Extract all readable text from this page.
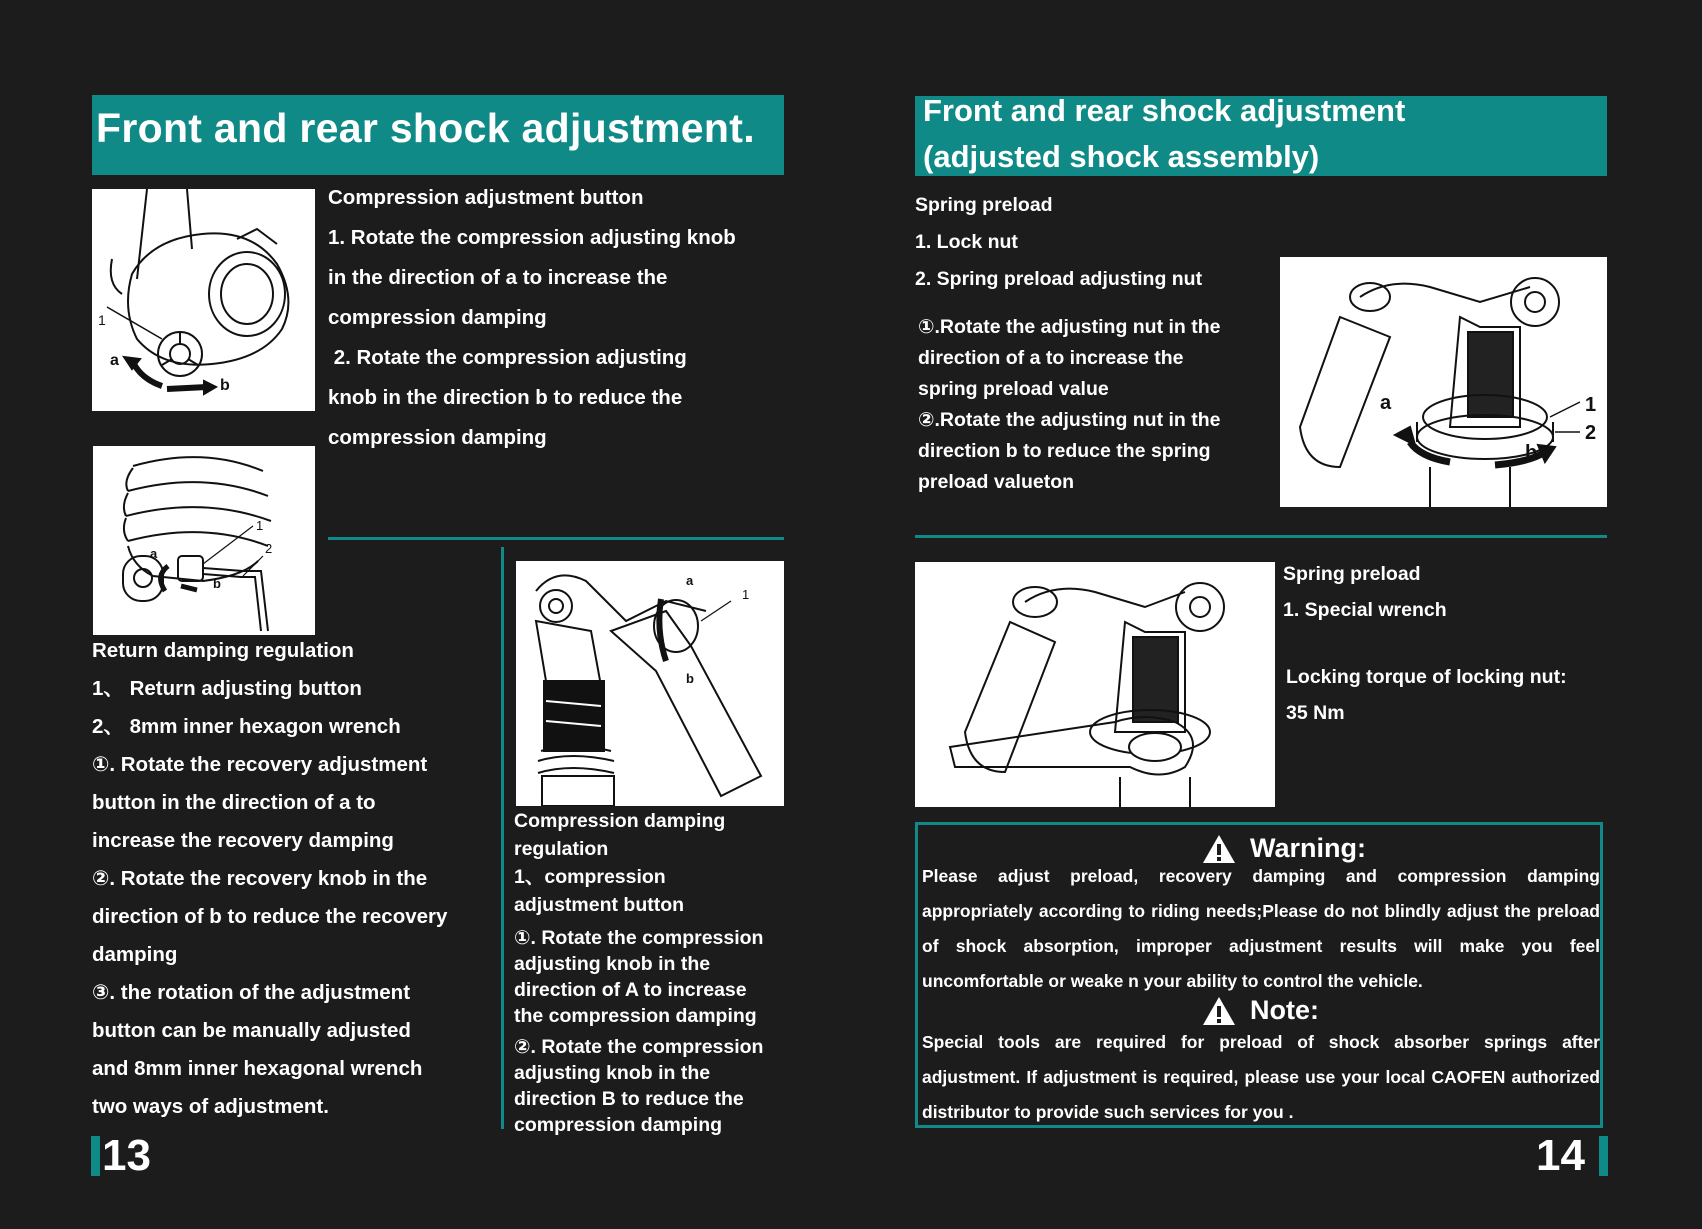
Front and rear shock adjustment.
1
a
b
Compression adjustment button
1. Rotate the compression adjusting knob
in the direction of a to increase the
compression damping
2. Rotate the compression adjusting
knob in the direction b to reduce the
compression damping
1
2
a
b
Return damping regulation
1、 Return adjusting button
2、 8mm inner hexagon wrench
①. Rotate the recovery adjustment
button in the direction of a to
increase the recovery damping
②. Rotate the recovery knob in the
direction of b to reduce the recovery
damping
③. the rotation of the adjustment
button can be manually adjusted
and 8mm inner hexagonal wrench
two ways of adjustment.
a
1
b
Compression damping
regulation
1、compression
adjustment button
①. Rotate the compression
adjusting knob in the
direction of A to increase
the compression damping
②. Rotate the compression
adjusting knob in the
direction B to reduce the
compression damping
13
Front and rear shock adjustment
(adjusted shock assembly)
Spring preload
1. Lock nut
2. Spring preload adjusting nut
①.Rotate the adjusting nut in the
direction of a to increase the
spring preload value
②.Rotate the adjusting nut in the
direction b to reduce the spring
preload valueton
a	1
2
b
Spring preload
1. Special wrench
Locking torque of locking nut:
35 Nm
Warning:
Please adjust preload, recovery damping and compression damping appropriately according to riding needs;Please do not blindly adjust the preload of shock absorption, improper adjustment results will make you feel uncomfortable or weake n your ability to control the vehicle.
Note:
Special tools are required for preload of shock absorber springs after adjustment. If adjustment is required, please use your local CAOFEN authorized distributor to provide such services for you .
14
